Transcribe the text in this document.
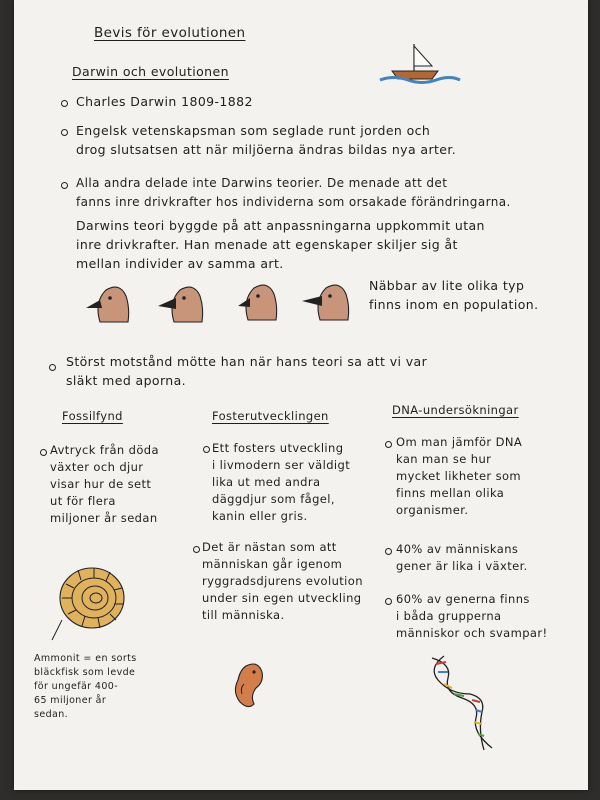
Bevis för evolutionen
Darwin och evolutionen
Charles Darwin 1809-1882
Engelsk vetenskapsman som seglade runt jorden och
drog slutsatsen att när miljöerna ändras bildas nya arter.
Alla andra delade inte Darwins teorier. De menade att det
fanns inre drivkrafter hos individerna som orsakade förändringarna.
Darwins teori byggde på att anpassningarna uppkommit utan
inre drivkrafter. Han menade att egenskaper skiljer sig åt
mellan individer av samma art.
Näbbar av lite olika typ
finns inom en population.
Störst motstånd mötte han när hans teori sa att vi var
släkt med aporna.
Fossilfynd
Avtryck från döda
växter och djur
visar hur de sett
ut för flera
miljoner år sedan
Ammonit = en sorts
bläckfisk som levde
för ungefär 400-
65 miljoner år
sedan.
Fosterutvecklingen
Ett fosters utveckling
i livmodern ser väldigt
lika ut med andra
däggdjur som fågel,
kanin eller gris.
Det är nästan som att
människan går igenom
ryggradsdjurens evolution
under sin egen utveckling
till människa.
DNA-undersökningar
Om man jämför DNA
kan man se hur
mycket likheter som
finns mellan olika
organismer.
40% av människans
gener är lika i växter.
60% av generna finns
i båda grupperna
människor och svampar!
